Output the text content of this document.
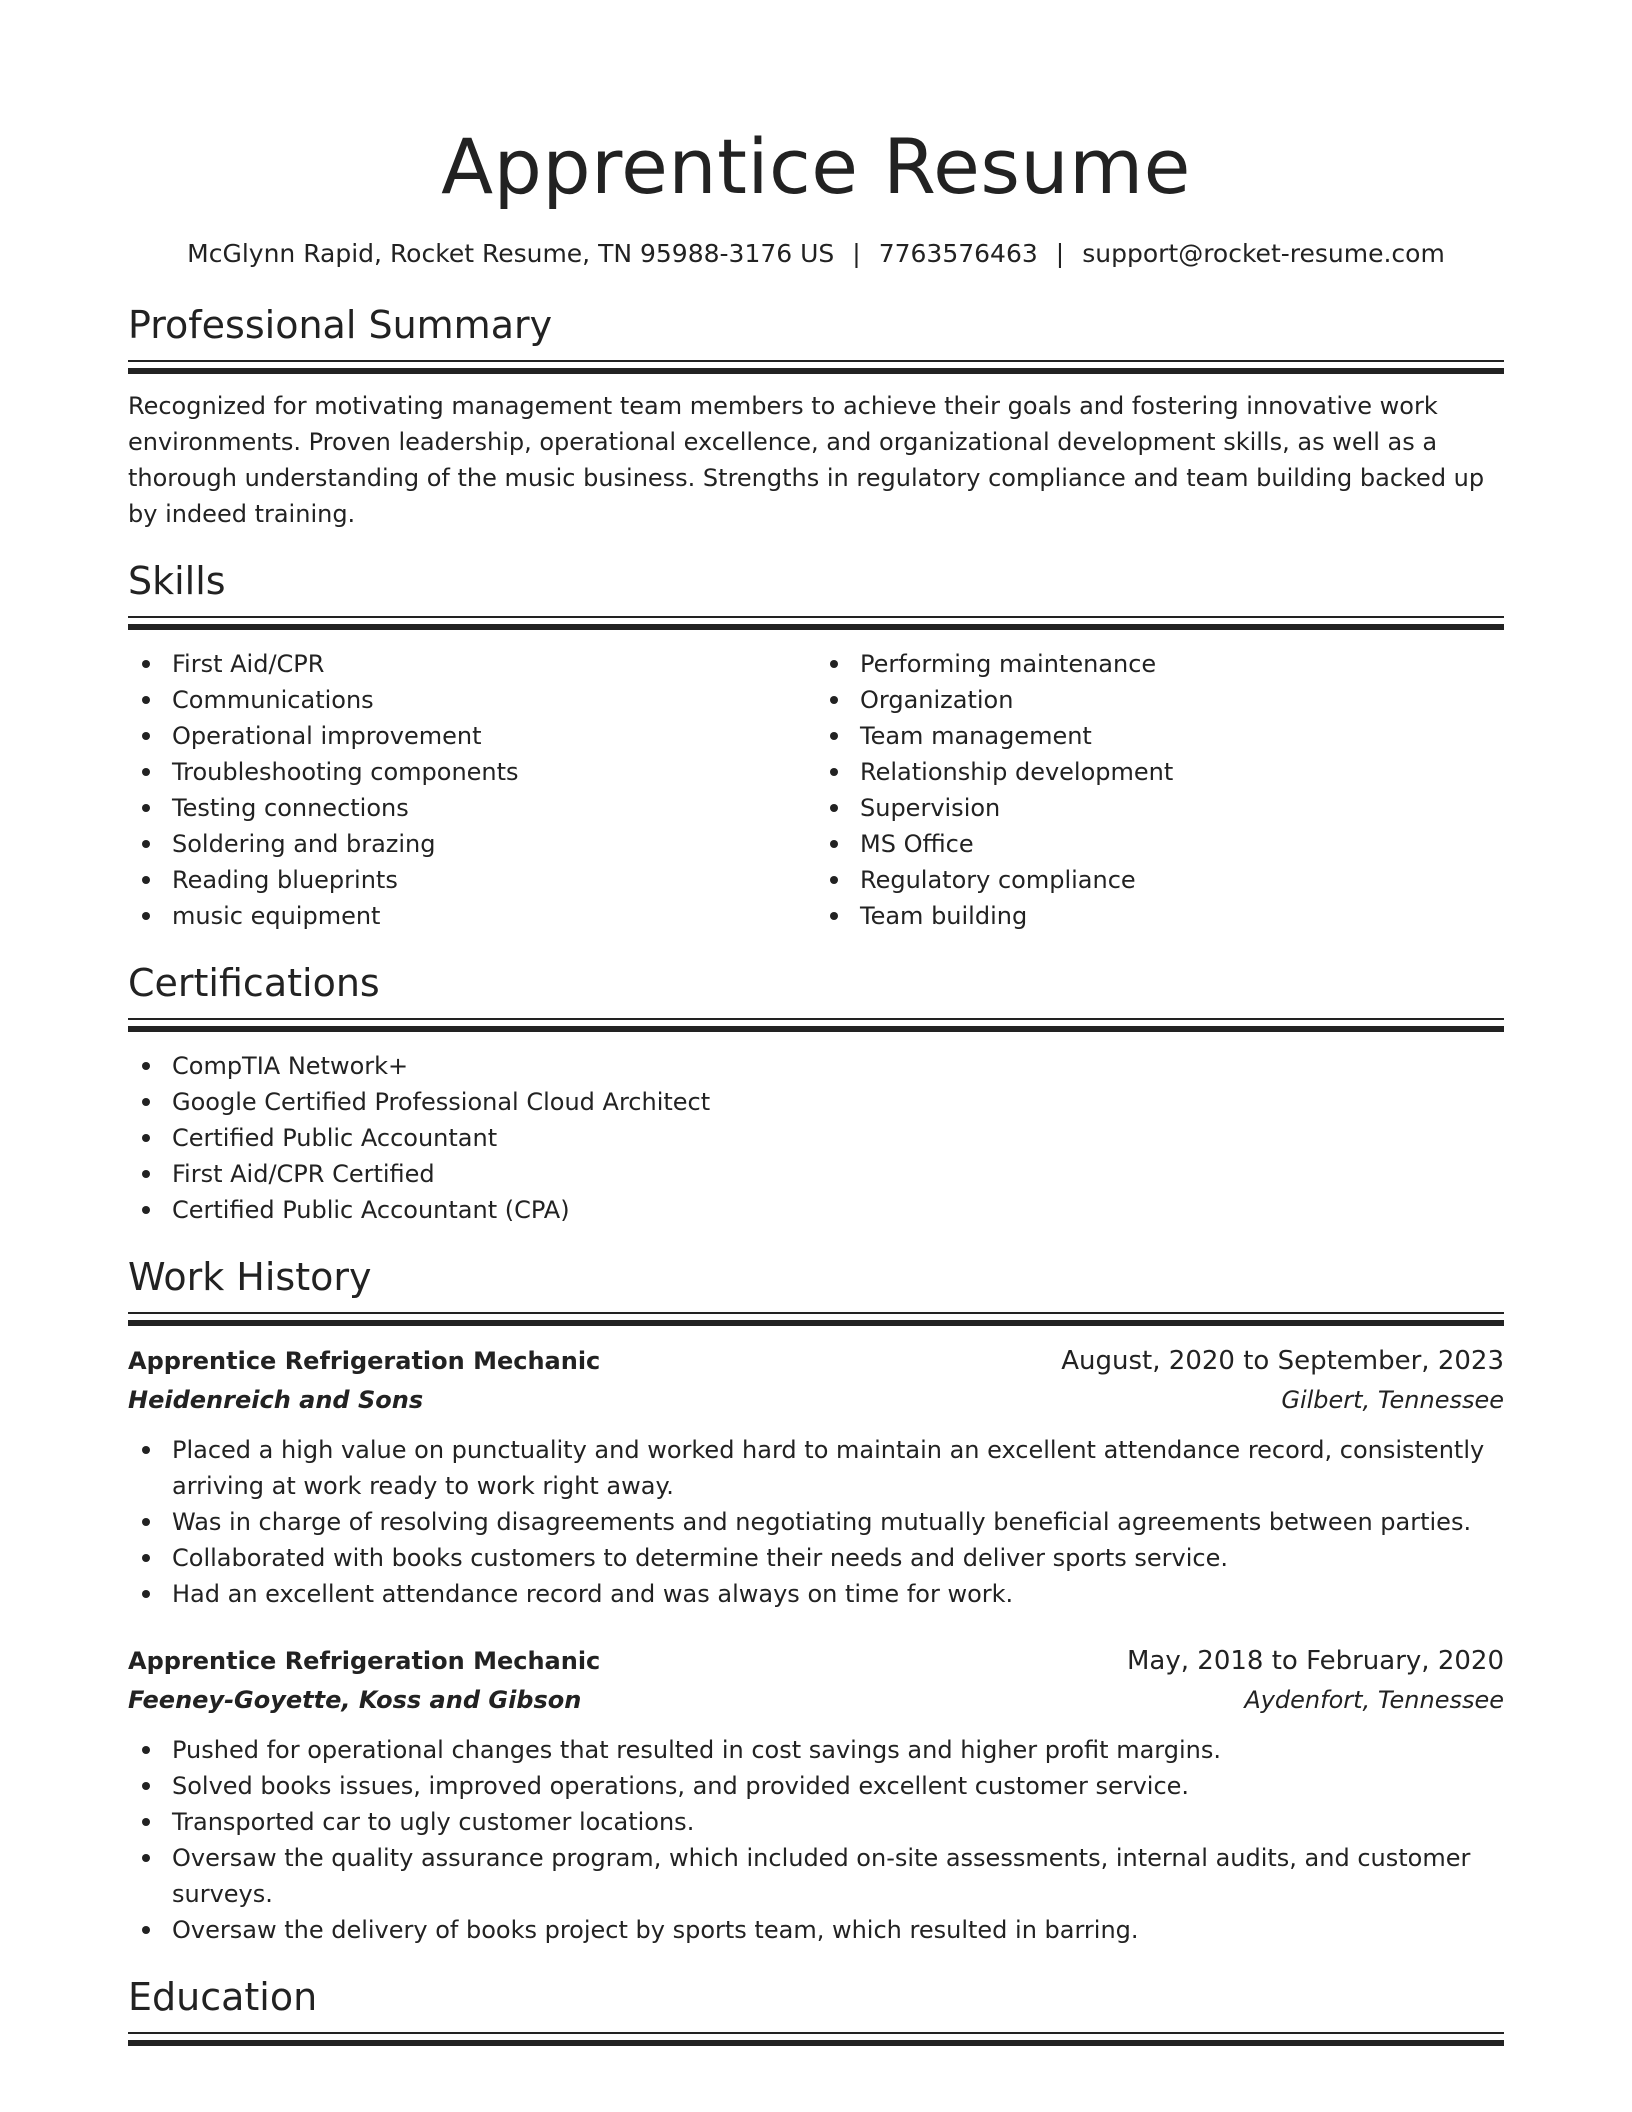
Apprentice Resume
McGlynn Rapid, Rocket Resume, TN 95988-3176 US | 7763576463 | support@rocket-resume.com
Professional Summary

Recognized for motivating management team members to achieve their goals and fostering innovative work environments. Proven leadership, operational excellence, and organizational development skills, as well as a thorough understanding of the music business. Strengths in regulatory compliance and team building backed up by indeed training.

Skills
First Aid/CPR
Communications
Operational improvement
Troubleshooting components
Testing connections
Soldering and brazing
Reading blueprints
music equipment
Performing maintenance
Organization
Team management
Relationship development
Supervision
MS Office
Regulatory compliance
Team building
Certifications
CompTIA Network+
Google Certified Professional Cloud Architect
Certified Public Accountant
First Aid/CPR Certified
Certified Public Accountant (CPA)
Work History
Apprentice Refrigeration Mechanic	August, 2020 to September, 2023
Heidenreich and Sons	Gilbert, Tennessee
Placed a high value on punctuality and worked hard to maintain an excellent attendance record, consistently arriving at work ready to work right away.
Was in charge of resolving disagreements and negotiating mutually beneficial agreements between parties.
Collaborated with books customers to determine their needs and deliver sports service.
Had an excellent attendance record and was always on time for work.
Apprentice Refrigeration Mechanic	May, 2018 to February, 2020
Feeney-Goyette, Koss and Gibson	Aydenfort, Tennessee
Pushed for operational changes that resulted in cost savings and higher profit margins.
Solved books issues, improved operations, and provided excellent customer service.
Transported car to ugly customer locations.
Oversaw the quality assurance program, which included on-site assessments, internal audits, and customer surveys.
Oversaw the delivery of books project by sports team, which resulted in barring.
Education
